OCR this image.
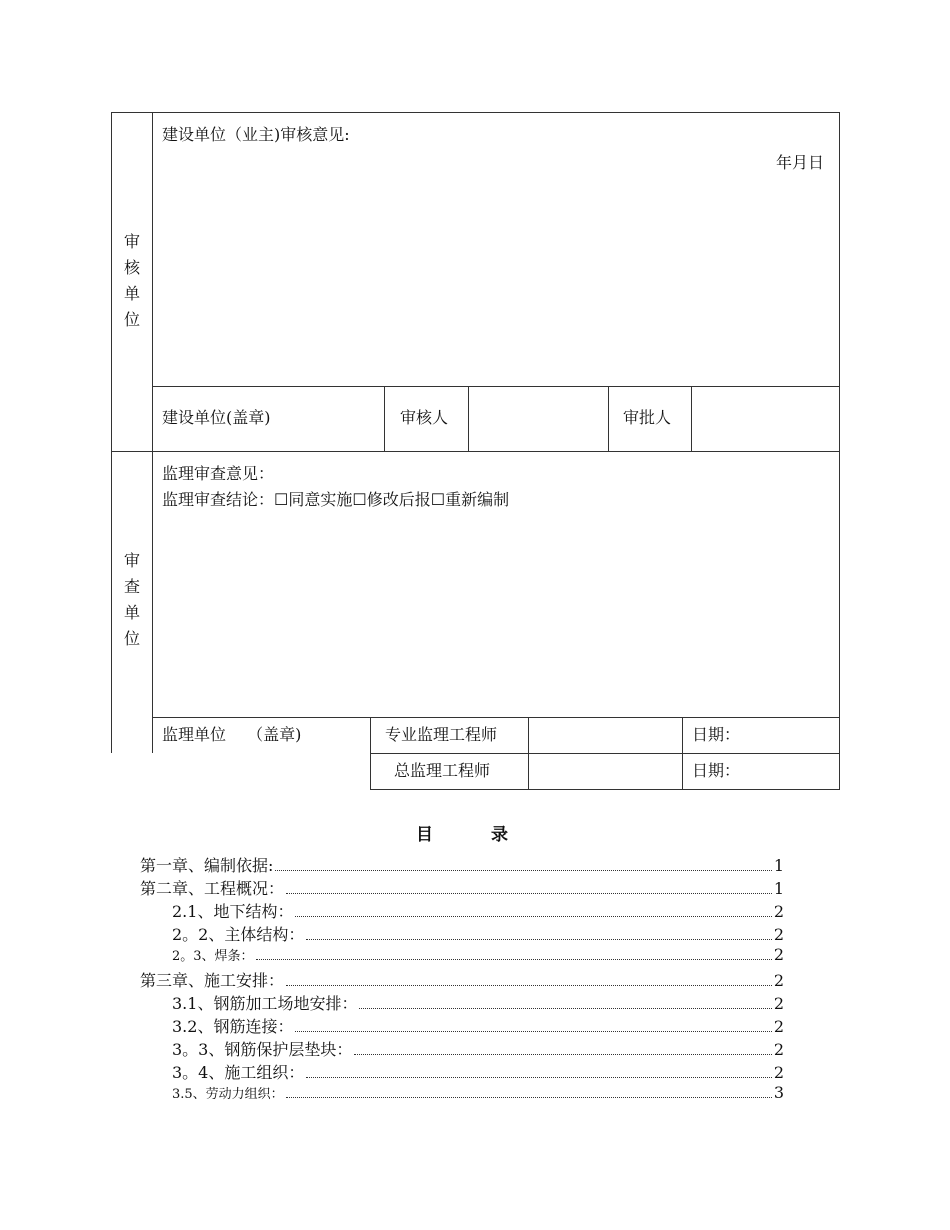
审
核
单
位
建设单位（业主)审核意见:
年月日
建设单位(盖章)	审核人	审批人
审
查
单
位
监理审查意见：
监理审查结论：☐同意实施☐修改后报☐重新编制
监理单位　 （盖章)	专业监理工程师	日期：
总监理工程师	日期：
目 录
第一章、编制依据:	1
第二章、工程概况：	1
2.1、地下结构：	2
2。2、主体结构：	2
2。3、焊条：	2
第三章、施工安排：	2
3.1、钢筋加工场地安排：	2
3.2、钢筋连接：	2
3。3、钢筋保护层垫块：	2
3。4、施工组织：	2
3.5、劳动力组织：	3
